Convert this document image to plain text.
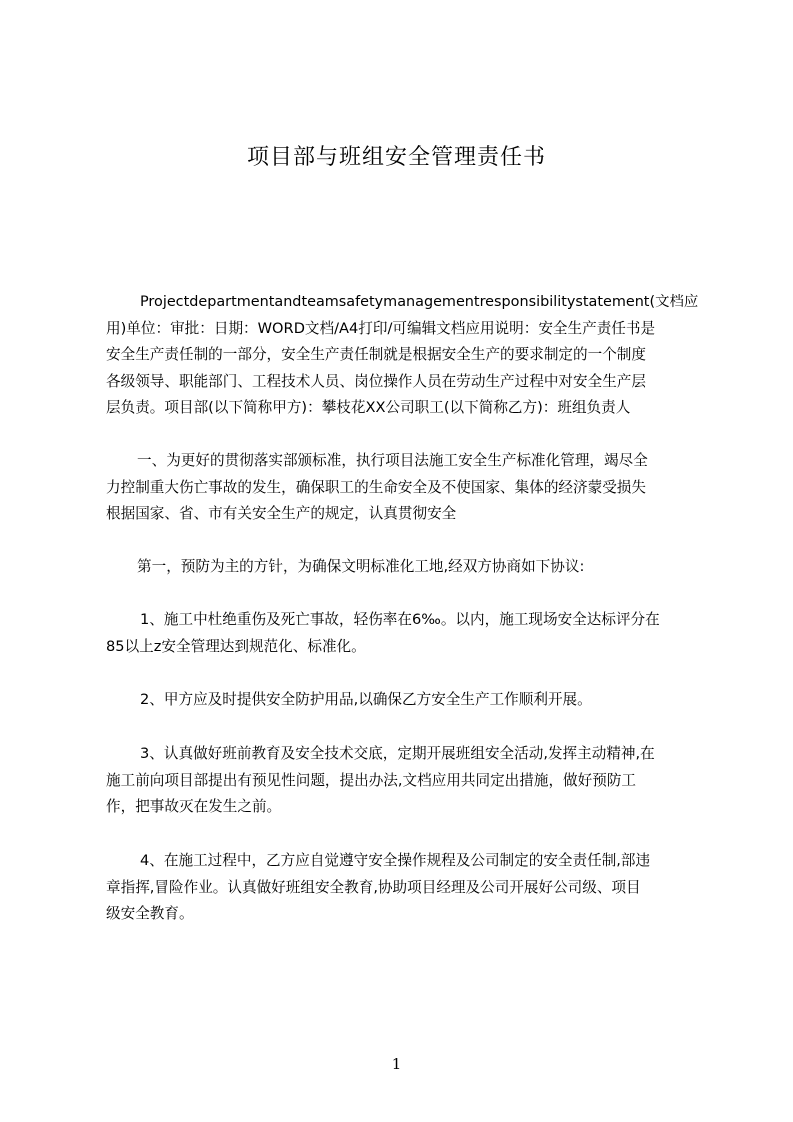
项目部与班组安全管理责任书
Projectdepartmentandteamsafetymanagementresponsibilitystatement(文档应
用)单位：审批：日期：WORD文档/A4打印/可编辑文档应用说明：安全生产责任书是
安全生产责任制的一部分，安全生产责任制就是根据安全生产的要求制定的一个制度
各级领导、职能部门、工程技术人员、岗位操作人员在劳动生产过程中对安全生产层
层负责。项目部(以下简称甲方)：攀枝花XX公司职工(以下简称乙方)：班组负责人
一、为更好的贯彻落实部颁标准，执行项目法施工安全生产标准化管理，竭尽全
力控制重大伤亡事故的发生，确保职工的生命安全及不使国家、集体的经济蒙受损失
根据国家、省、市有关安全生产的规定，认真贯彻安全
第一，预防为主的方针，为确保文明标准化工地,经双方协商如下协议:
1、施工中杜绝重伤及死亡事故，轻伤率在6‰。以内，施工现场安全达标评分在
85以上z安全管理达到规范化、标准化。
2、甲方应及时提供安全防护用品,以确保乙方安全生产工作顺利开展。
3、认真做好班前教育及安全技术交底，定期开展班组安全活动,发挥主动精神,在
施工前向项目部提出有预见性问题，提出办法,文档应用共同定出措施，做好预防工
作，把事故灭在发生之前。
4、在施工过程中，乙方应自觉遵守安全操作规程及公司制定的安全责任制,部违
章指挥,冒险作业。认真做好班组安全教育,协助项目经理及公司开展好公司级、项目
级安全教育。
1
